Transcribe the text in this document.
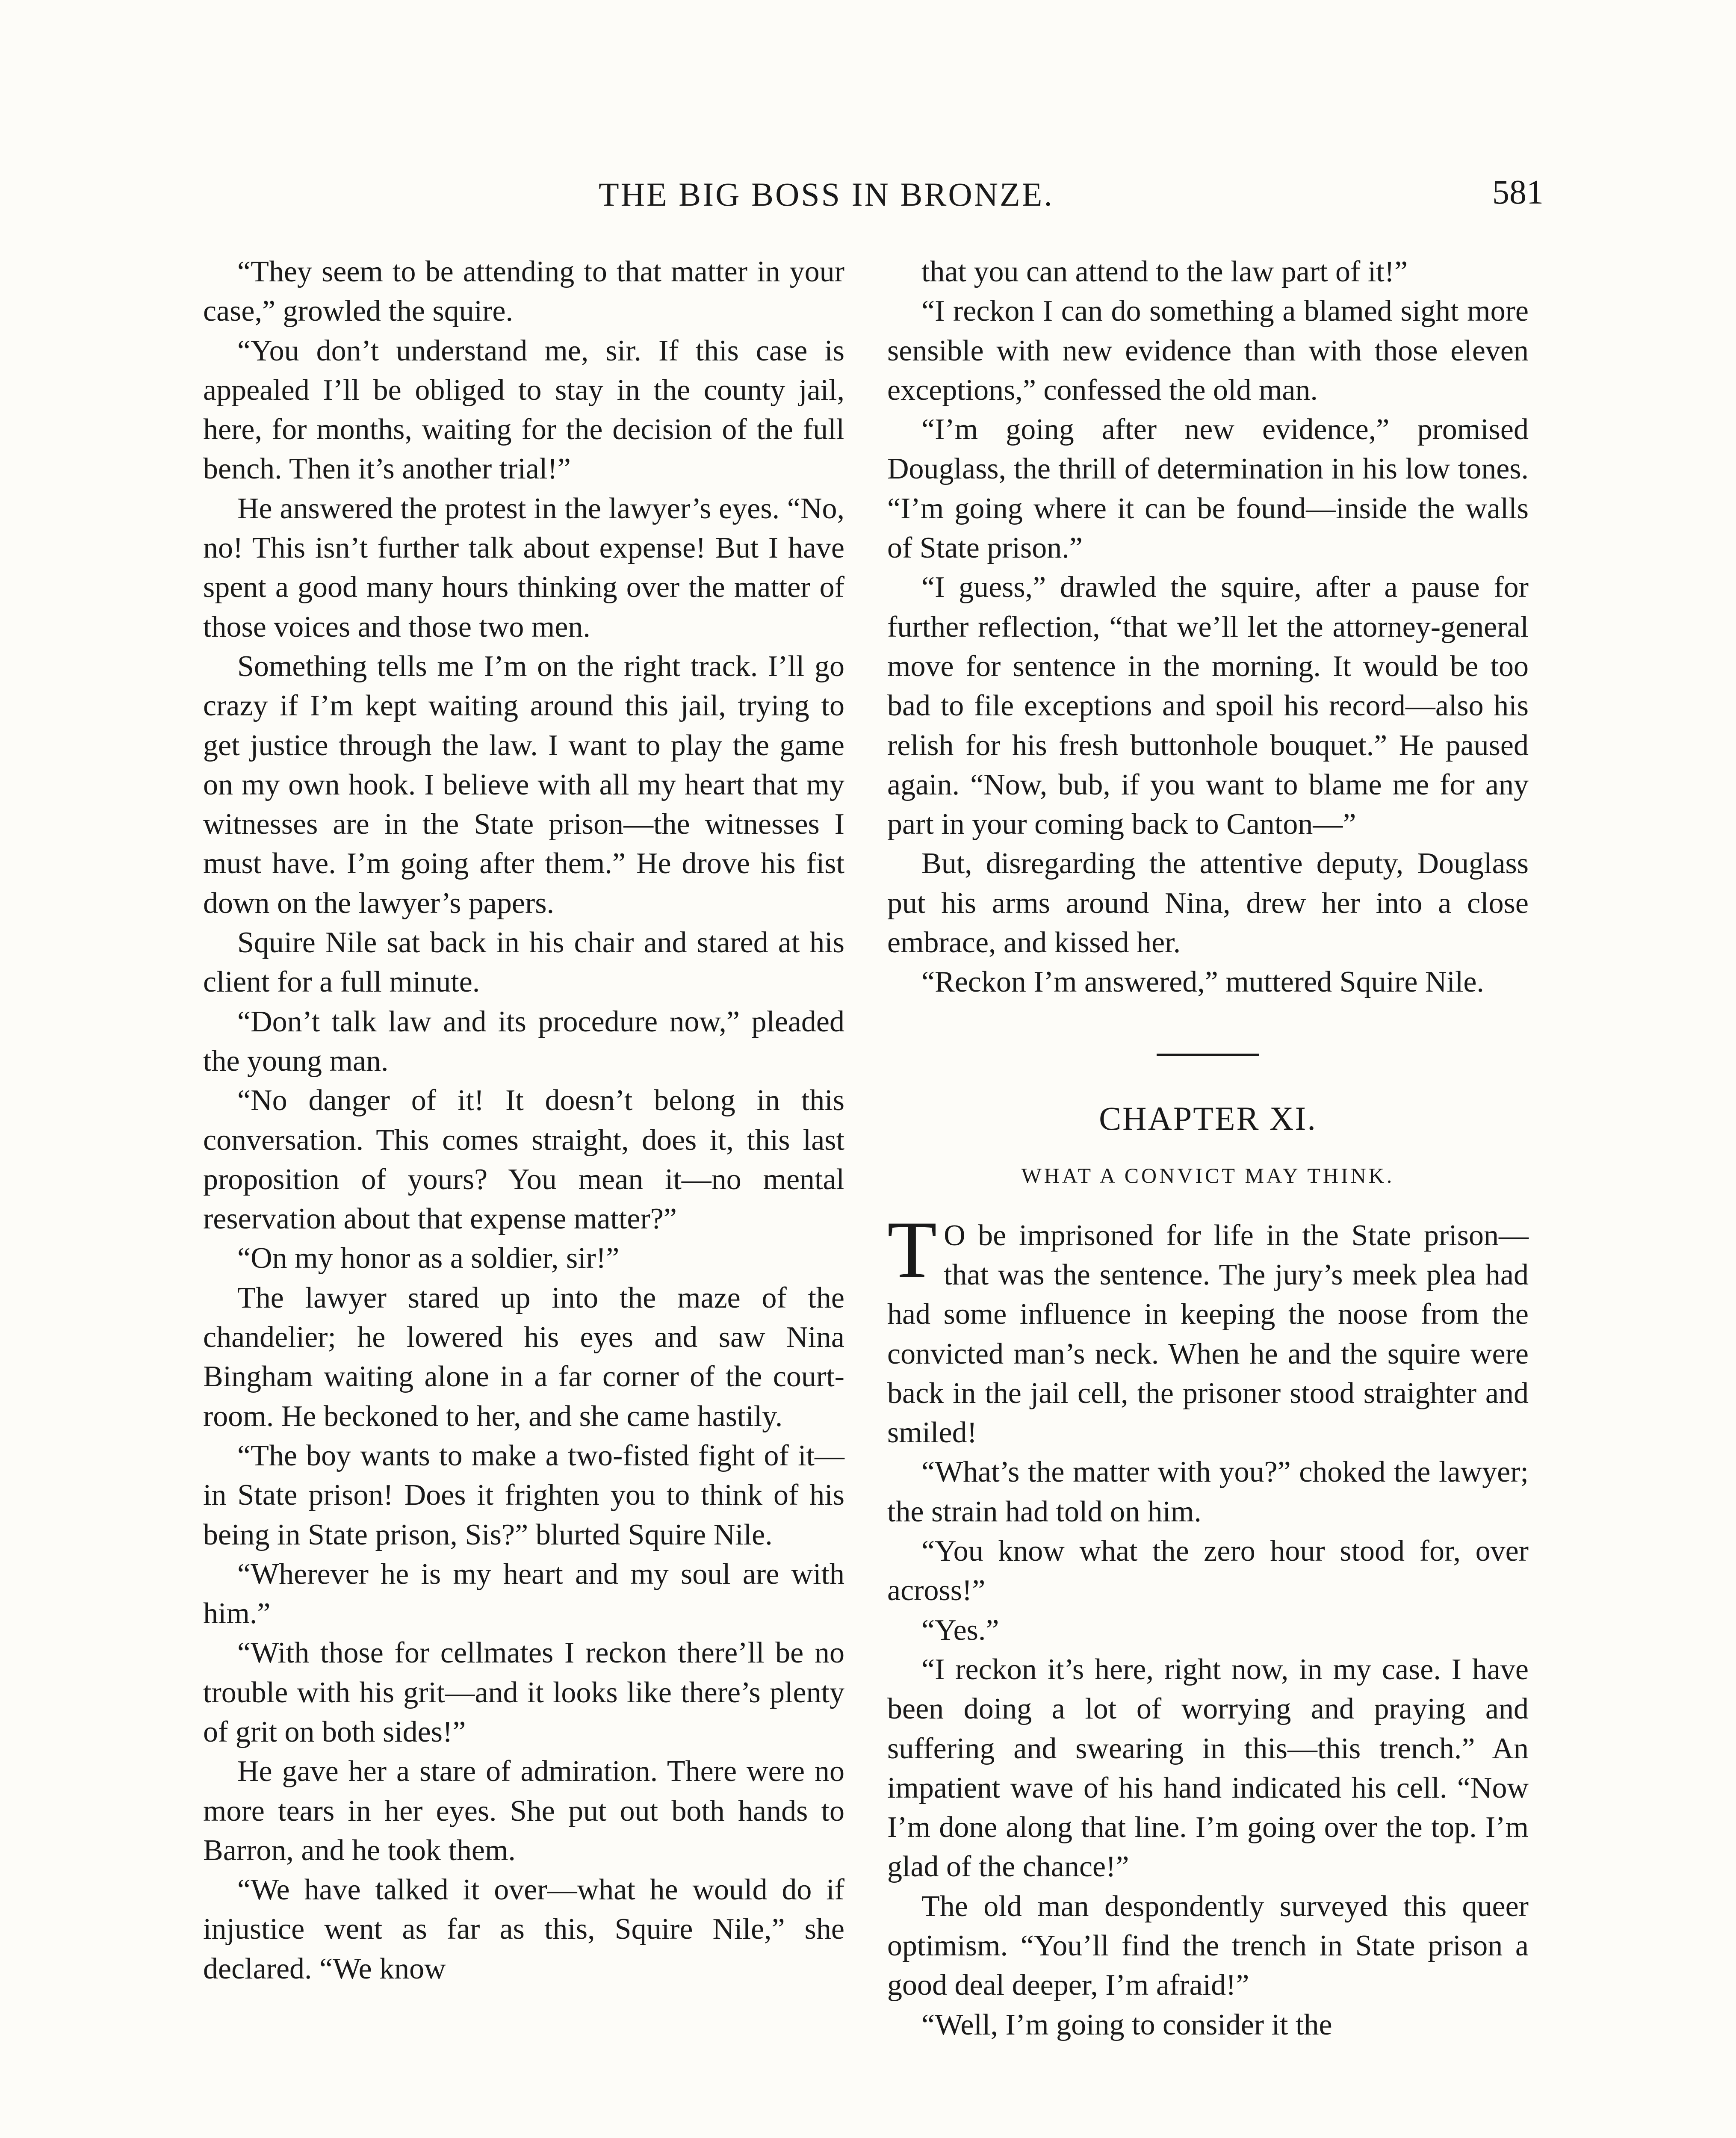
THE BIG BOSS IN BRONZE.	581

“They seem to be attending to that matter in your case,” growled the squire.

“You don’t understand me, sir. If this case is appealed I’ll be obliged to stay in the county jail, here, for months, waiting for the decision of the full bench. Then it’s another trial!”

He answered the protest in the lawyer’s eyes. “No, no! This isn’t further talk about expense! But I have spent a good many hours thinking over the matter of those voices and those two men.

Something tells me I’m on the right track. I’ll go crazy if I’m kept waiting around this jail, trying to get justice through the law. I want to play the game on my own hook. I believe with all my heart that my witnesses are in the State prison—the witnesses I must have. I’m going after them.” He drove his fist down on the lawyer’s papers.

Squire Nile sat back in his chair and stared at his client for a full minute.

“Don’t talk law and its procedure now,” pleaded the young man.

“No danger of it! It doesn’t belong in this conversation. This comes straight, does it, this last proposition of yours? You mean it—no mental reservation about that expense matter?”

“On my honor as a soldier, sir!”

The lawyer stared up into the maze of the chandelier; he lowered his eyes and saw Nina Bingham waiting alone in a far corner of the court-room. He beckoned to her, and she came hastily.

“The boy wants to make a two-fisted fight of it—in State prison! Does it frighten you to think of his being in State prison, Sis?” blurted Squire Nile.

“Wherever he is my heart and my soul are with him.”

“With those for cellmates I reckon there’ll be no trouble with his grit—and it looks like there’s plenty of grit on both sides!”

He gave her a stare of admiration. There were no more tears in her eyes. She put out both hands to Barron, and he took them.

“We have talked it over—what he would do if injustice went as far as this, Squire Nile,” she declared. “We know

that you can attend to the law part of it!”

“I reckon I can do something a blamed sight more sensible with new evidence than with those eleven exceptions,” confessed the old man.

“I’m going after new evidence,” promised Douglass, the thrill of determination in his low tones. “I’m going where it can be found—inside the walls of State prison.”

“I guess,” drawled the squire, after a pause for further reflection, “that we’ll let the attorney-general move for sentence in the morning. It would be too bad to file exceptions and spoil his record—also his relish for his fresh buttonhole bouquet.” He paused again. “Now, bub, if you want to blame me for any part in your coming back to Canton—”

But, disregarding the attentive deputy, Douglass put his arms around Nina, drew her into a close embrace, and kissed her.

“Reckon I’m answered,” muttered Squire Nile.

CHAPTER XI.
WHAT A CONVICT MAY THINK.

T O be imprisoned for life in the State prison—that was the sentence. The jury’s meek plea had had some influence in keeping the noose from the convicted man’s neck. When he and the squire were back in the jail cell, the prisoner stood straighter and smiled!

“What’s the matter with you?” choked the lawyer; the strain had told on him.

“You know what the zero hour stood for, over across!”

“Yes.”

“I reckon it’s here, right now, in my case. I have been doing a lot of worrying and praying and suffering and swearing in this—this trench.” An impatient wave of his hand indicated his cell. “Now I’m done along that line. I’m going over the top. I’m glad of the chance!”

The old man despondently surveyed this queer optimism. “You’ll find the trench in State prison a good deal deeper, I’m afraid!”

“Well, I’m going to consider it the
